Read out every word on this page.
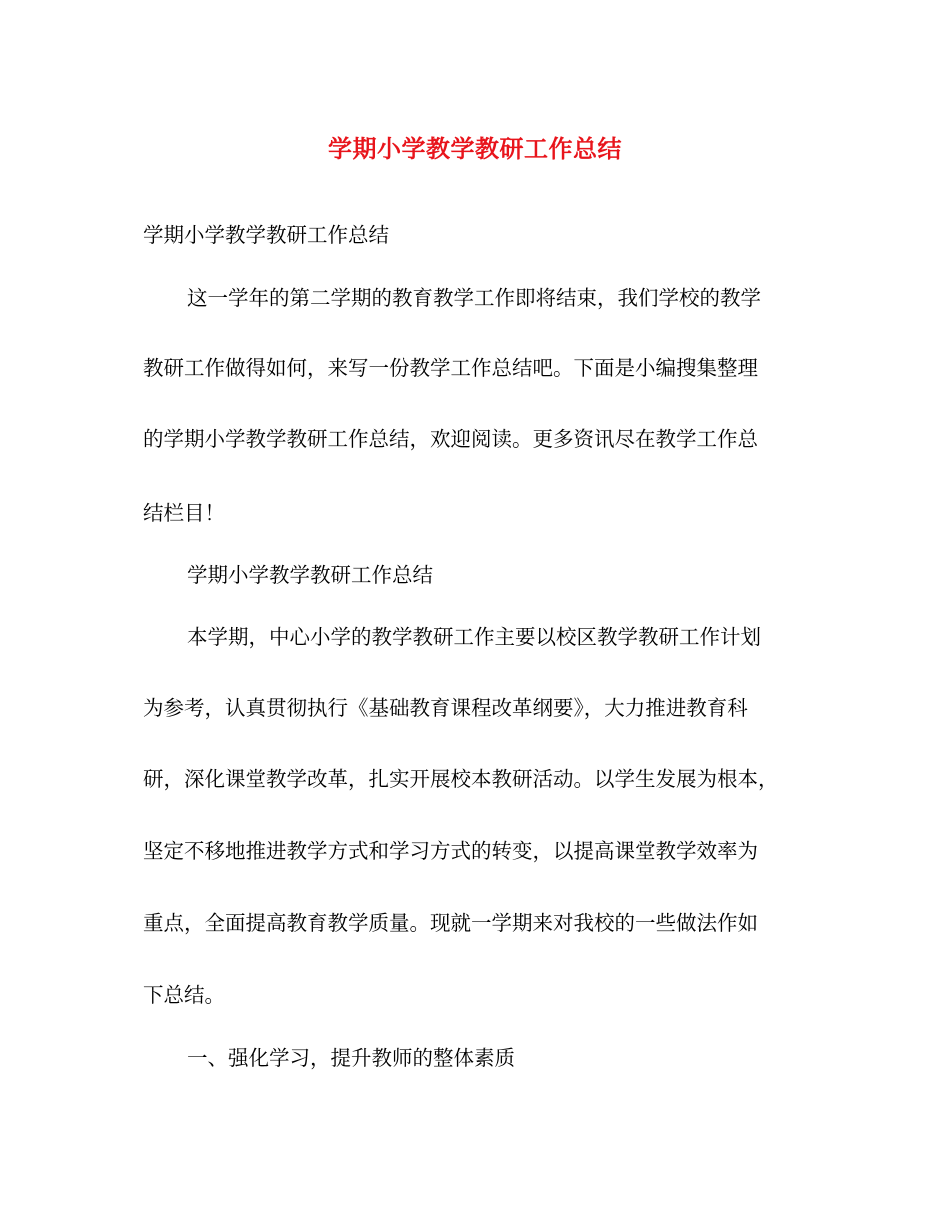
学期小学教学教研工作总结
学期小学教学教研工作总结
这一学年的第二学期的教育教学工作即将结束，我们学校的教学
教研工作做得如何，来写一份教学工作总结吧。下面是小编搜集整理
的学期小学教学教研工作总结，欢迎阅读。更多资讯尽在教学工作总
结栏目！
学期小学教学教研工作总结
本学期，中心小学的教学教研工作主要以校区教学教研工作计划
为参考，认真贯彻执行《基础教育课程改革纲要》，大力推进教育科
研，深化课堂教学改革，扎实开展校本教研活动。以学生发展为根本，
坚定不移地推进教学方式和学习方式的转变，以提高课堂教学效率为
重点，全面提高教育教学质量。现就一学期来对我校的一些做法作如
下总结。
一、强化学习，提升教师的整体素质
